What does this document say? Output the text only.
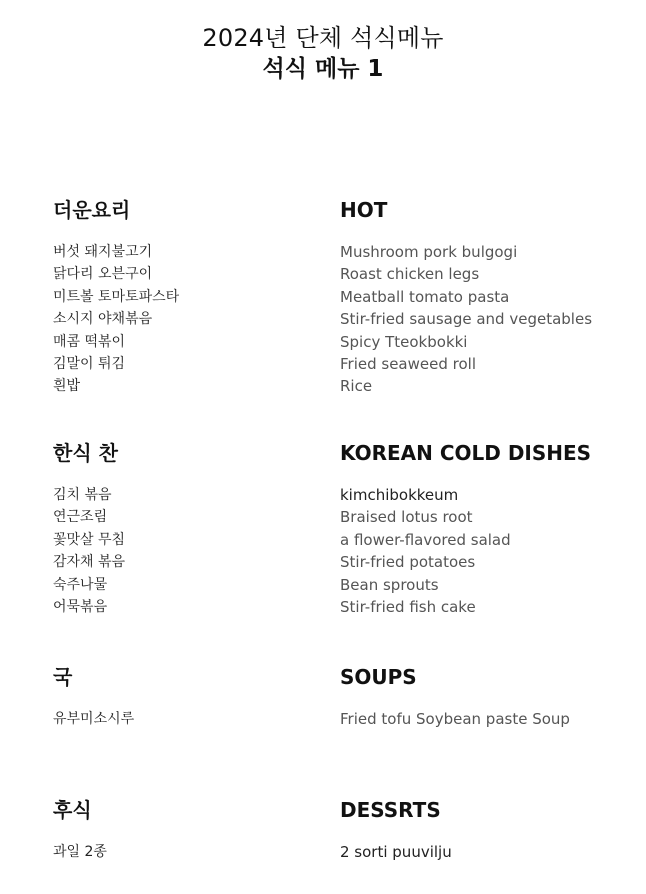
2024년 단체 석식메뉴
석식 메뉴 1
더운요리
버섯 돼지불고기
닭다리 오븐구이
미트볼 토마토파스타
소시지 야채볶음
매콤 떡볶이
김말이 튀김
흰밥
HOT
Mushroom pork bulgogi
Roast chicken legs
Meatball tomato pasta
Stir-fried sausage and vegetables
Spicy Tteokbokki
Fried seaweed roll
Rice
한식 찬
김치 볶음
연근조림
꽃맛살 무침
감자채 볶음
숙주나물
어묵볶음
KOREAN COLD DISHES
kimchibokkeum
Braised lotus root
a flower-flavored salad
Stir-fried potatoes
Bean sprouts
Stir-fried fish cake
국
유부미소시루
SOUPS
Fried tofu Soybean paste Soup
후식
과일 2종
DESSRTS
2 sorti puuvilju
